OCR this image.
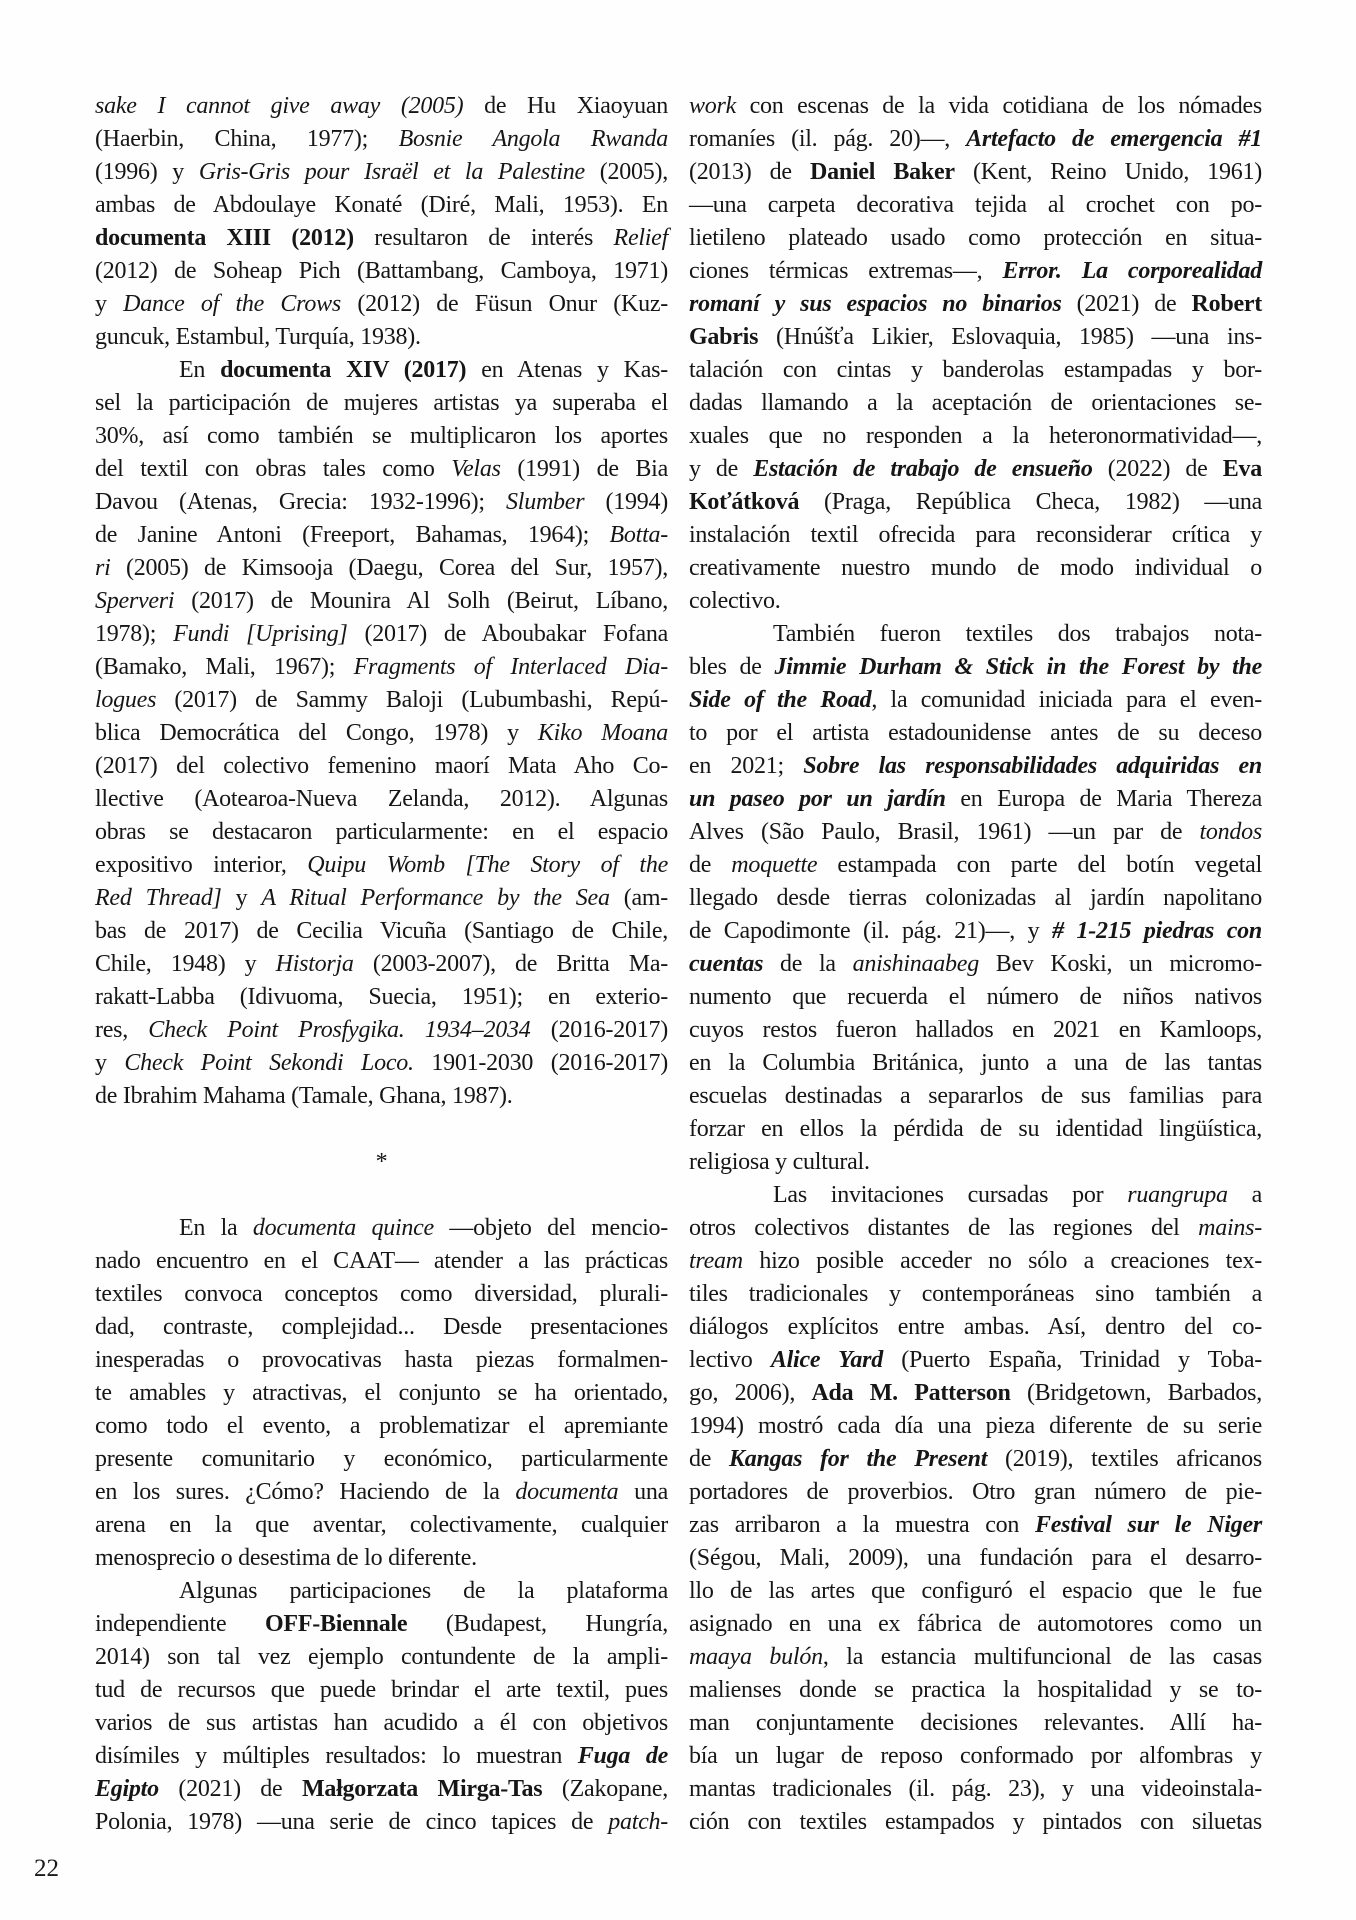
sake I cannot give away (2005) de Hu Xiaoyuan
(Haerbin, China, 1977); Bosnie Angola Rwanda
(1996) y Gris-Gris pour Israël et la Palestine (2005),
ambas de Abdoulaye Konaté (Diré, Mali, 1953). En
documenta XIII (2012) resultaron de interés Relief
(2012) de Soheap Pich (Battambang, Camboya, 1971)
y Dance of the Crows (2012) de Füsun Onur (Kuz-
guncuk, Estambul, Turquía, 1938).
En documenta XIV (2017) en Atenas y Kas-
sel la participación de mujeres artistas ya superaba el
30%, así como también se multiplicaron los aportes
del textil con obras tales como Velas (1991) de Bia
Davou (Atenas, Grecia: 1932-1996); Slumber (1994)
de Janine Antoni (Freeport, Bahamas, 1964); Botta-
ri (2005) de Kimsooja (Daegu, Corea del Sur, 1957),
Sperveri (2017) de Mounira Al Solh (Beirut, Líbano,
1978); Fundi [Uprising] (2017) de Aboubakar Fofana
(Bamako, Mali, 1967); Fragments of Interlaced Dia-
logues (2017) de Sammy Baloji (Lubumbashi, Repú-
blica Democrática del Congo, 1978) y Kiko Moana
(2017) del colectivo femenino maorí Mata Aho Co-
llective (Aotearoa-Nueva Zelanda, 2012). Algunas
obras se destacaron particularmente: en el espacio
expositivo interior, Quipu Womb [The Story of the
Red Thread] y A Ritual Performance by the Sea (am-
bas de 2017) de Cecilia Vicuña (Santiago de Chile,
Chile, 1948) y Historja (2003-2007), de Britta Ma-
rakatt-Labba (Idivuoma, Suecia, 1951); en exterio-
res, Check Point Prosfygika. 1934–2034 (2016-2017)
y Check Point Sekondi Loco. 1901-2030 (2016-2017)
de Ibrahim Mahama (Tamale, Ghana, 1987).
*
En la documenta quince —objeto del mencio-
nado encuentro en el CAAT— atender a las prácticas
textiles convoca conceptos como diversidad, plurali-
dad, contraste, complejidad... Desde presentaciones
inesperadas o provocativas hasta piezas formalmen-
te amables y atractivas, el conjunto se ha orientado,
como todo el evento, a problematizar el apremiante
presente comunitario y económico, particularmente
en los sures. ¿Cómo? Haciendo de la documenta una
arena en la que aventar, colectivamente, cualquier
menosprecio o desestima de lo diferente.
Algunas participaciones de la plataforma
independiente OFF-Biennale (Budapest, Hungría,
2014) son tal vez ejemplo contundente de la ampli-
tud de recursos que puede brindar el arte textil, pues
varios de sus artistas han acudido a él con objetivos
disímiles y múltiples resultados: lo muestran Fuga de
Egipto (2021) de Małgorzata Mirga-Tas (Zakopane,
Polonia, 1978) —una serie de cinco tapices de patch-
work con escenas de la vida cotidiana de los nómades
romaníes (il. pág. 20)—, Artefacto de emergencia #1
(2013) de Daniel Baker (Kent, Reino Unido, 1961)
—una carpeta decorativa tejida al crochet con po-
lietileno plateado usado como protección en situa-
ciones térmicas extremas—, Error. La corporealidad
romaní y sus espacios no binarios (2021) de Robert
Gabris (Hnúšťa Likier, Eslovaquia, 1985) —una ins-
talación con cintas y banderolas estampadas y bor-
dadas llamando a la aceptación de orientaciones se-
xuales que no responden a la heteronormatividad—,
y de Estación de trabajo de ensueño (2022) de Eva
Koťátková (Praga, República Checa, 1982) —una
instalación textil ofrecida para reconsiderar crítica y
creativamente nuestro mundo de modo individual o
colectivo.
También fueron textiles dos trabajos nota-
bles de Jimmie Durham & Stick in the Forest by the
Side of the Road, la comunidad iniciada para el even-
to por el artista estadounidense antes de su deceso
en 2021; Sobre las responsabilidades adquiridas en
un paseo por un jardín en Europa de Maria Thereza
Alves (São Paulo, Brasil, 1961) —un par de tondos
de moquette estampada con parte del botín vegetal
llegado desde tierras colonizadas al jardín napolitano
de Capodimonte (il. pág. 21)—, y # 1-215 piedras con
cuentas de la anishinaabeg Bev Koski, un micromo-
numento que recuerda el número de niños nativos
cuyos restos fueron hallados en 2021 en Kamloops,
en la Columbia Británica, junto a una de las tantas
escuelas destinadas a separarlos de sus familias para
forzar en ellos la pérdida de su identidad lingüística,
religiosa y cultural.
Las invitaciones cursadas por ruangrupa a
otros colectivos distantes de las regiones del mains-
tream hizo posible acceder no sólo a creaciones tex-
tiles tradicionales y contemporáneas sino también a
diálogos explícitos entre ambas. Así, dentro del co-
lectivo Alice Yard (Puerto España, Trinidad y Toba-
go, 2006), Ada M. Patterson (Bridgetown, Barbados,
1994) mostró cada día una pieza diferente de su serie
de Kangas for the Present (2019), textiles africanos
portadores de proverbios. Otro gran número de pie-
zas arribaron a la muestra con Festival sur le Niger
(Ségou, Mali, 2009), una fundación para el desarro-
llo de las artes que configuró el espacio que le fue
asignado en una ex fábrica de automotores como un
maaya bulón, la estancia multifuncional de las casas
malienses donde se practica la hospitalidad y se to-
man conjuntamente decisiones relevantes. Allí ha-
bía un lugar de reposo conformado por alfombras y
mantas tradicionales (il. pág. 23), y una videoinstala-
ción con textiles estampados y pintados con siluetas
22
